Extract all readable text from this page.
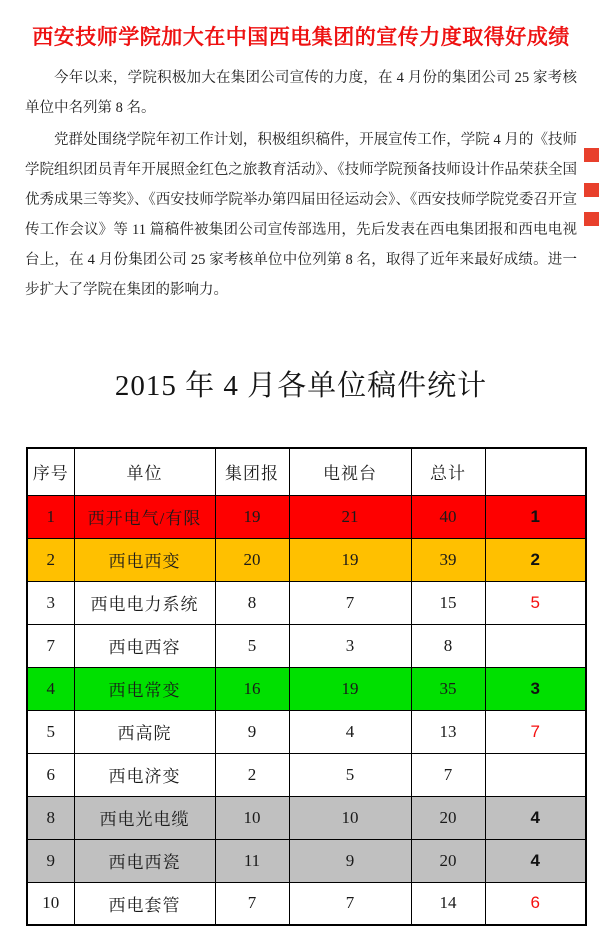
西安技师学院加大在中国西电集团的宣传力度取得好成绩

今年以来，学院积极加大在集团公司宣传的力度，在 4 月份的集团公司 25 家考核单位中名列第 8 名。

党群处围绕学院年初工作计划，积极组织稿件，开展宣传工作，学院 4 月的《技师学院组织团员青年开展照金红色之旅教育活动》、《技师学院预备技师设计作品荣获全国优秀成果三等奖》、《西安技师学院举办第四届田径运动会》、《西安技师学院党委召开宣传工作会议》等 11 篇稿件被集团公司宣传部选用，先后发表在西电集团报和西电电视台上，在 4 月份集团公司 25 家考核单位中位列第 8 名，取得了近年来最好成绩。进一步扩大了学院在集团的影响力。

2015 年 4 月各单位稿件统计
序号	单位	集团报	电视台	总计	
1	西开电气/有限	19	21	40	1
2	西电西变	20	19	39	2
3	西电电力系统	8	7	15	5
7	西电西容	5	3	8	
4	西电常变	16	19	35	3
5	西高院	9	4	13	7
6	西电济变	2	5	7	
8	西电光电缆	10	10	20	4
9	西电西瓷	11	9	20	4
10	西电套管	7	7	14	6
